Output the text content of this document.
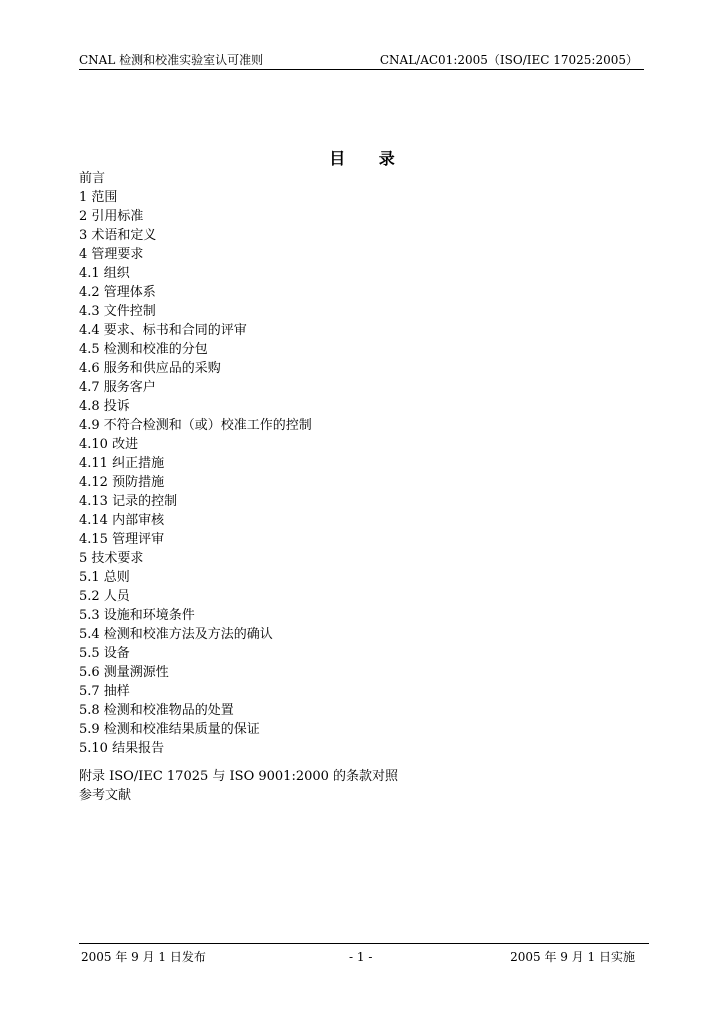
CNAL 检测和校准实验室认可准则	CNAL/AC01:2005（ISO/IEC 17025:2005）
目 录
前言
1 范围
2 引用标准
3 术语和定义
4 管理要求
4.1 组织
4.2 管理体系
4.3 文件控制
4.4 要求、标书和合同的评审
4.5 检测和校准的分包
4.6 服务和供应品的采购
4.7 服务客户
4.8 投诉
4.9 不符合检测和（或）校准工作的控制
4.10 改进
4.11 纠正措施
4.12 预防措施
4.13 记录的控制
4.14 内部审核
4.15 管理评审
5 技术要求
5.1 总则
5.2 人员
5.3 设施和环境条件
5.4 检测和校准方法及方法的确认
5.5 设备
5.6 测量溯源性
5.7 抽样
5.8 检测和校准物品的处置
5.9 检测和校准结果质量的保证
5.10 结果报告
附录 ISO/IEC 17025 与 ISO 9001:2000 的条款对照
参考文献
2005 年 9 月 1 日发布	- 1 -	2005 年 9 月 1 日实施
